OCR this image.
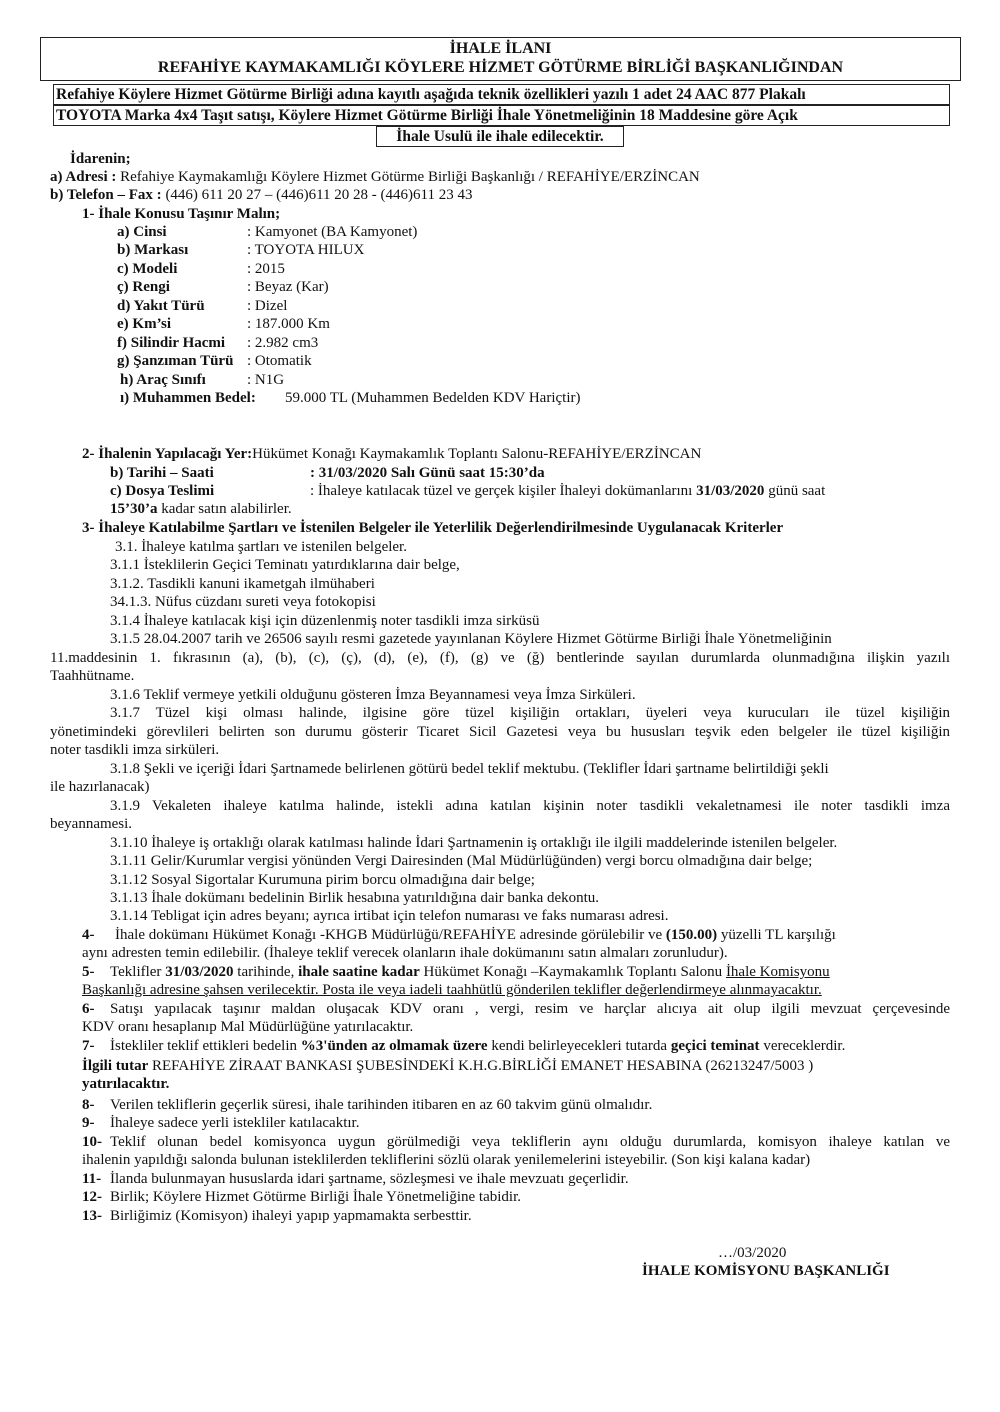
İHALE İLANI
REFAHİYE KAYMAKAMLIĞI KÖYLERE HİZMET GÖTÜRME BİRLİĞİ BAŞKANLIĞINDAN
Refahiye Köylere Hizmet Götürme Birliği adına kayıtlı aşağıda teknik özellikleri yazılı 1 adet 24 AAC 877 Plakalı
TOYOTA Marka 4x4 Taşıt satışı, Köylere Hizmet Götürme Birliği İhale Yönetmeliğinin 18 Maddesine göre Açık
İhale Usulü ile ihale edilecektir.
İdarenin;
a) Adresi : Refahiye Kaymakamlığı Köylere Hizmet Götürme Birliği Başkanlığı / REFAHİYE/ERZİNCAN
b) Telefon – Fax : (446) 611 20 27 – (446)611 20 28 - (446)611 23 43
1- İhale Konusu Taşınır Malın;
a) Cinsi	: Kamyonet (BA Kamyonet)
b) Markası	: TOYOTA HILUX
c) Modeli	: 2015
ç) Rengi	: Beyaz (Kar)
d) Yakıt Türü	: Dizel
e) Km’si	: 187.000 Km
f) Silindir Hacmi : 2.982 cm3
g) Şanzıman Türü : Otomatik
h) Araç Sınıfı	: N1G
ı) Muhammen Bedel: 59.000 TL (Muhammen Bedelden KDV Hariçtir)
2- İhalenin Yapılacağı Yer:Hükümet Konağı Kaymakamlık Toplantı Salonu-REFAHİYE/ERZİNCAN
b) Tarihi – Saati	: 31/03/2020 Salı Günü saat 15:30’da
c) Dosya Teslimi	: İhaleye katılacak tüzel ve gerçek kişiler İhaleyi dokümanlarını 31/03/2020 günü saat
15’30’a kadar satın alabilirler.
3- İhaleye Katılabilme Şartları ve İstenilen Belgeler ile Yeterlilik Değerlendirilmesinde Uygulanacak Kriterler
3.1. İhaleye katılma şartları ve istenilen belgeler.
3.1.1 İsteklilerin Geçici Teminatı yatırdıklarına dair belge,
3.1.2. Tasdikli kanuni ikametgah ilmühaberi
34.1.3. Nüfus cüzdanı sureti veya fotokopisi
3.1.4 İhaleye katılacak kişi için düzenlenmiş noter tasdikli imza sirküsü
3.1.5 28.04.2007 tarih ve 26506 sayılı resmi gazetede yayınlanan Köylere Hizmet Götürme Birliği İhale Yönetmeliğinin
11.maddesinin 1. fıkrasının (a), (b), (c), (ç), (d), (e), (f), (g) ve (ğ) bentlerinde sayılan durumlarda olunmadığına ilişkin yazılı
Taahhütname.
3.1.6 Teklif vermeye yetkili olduğunu gösteren İmza Beyannamesi veya İmza Sirküleri.
3.1.7 Tüzel kişi olması halinde, ilgisine göre tüzel kişiliğin ortakları, üyeleri veya kurucuları ile tüzel kişiliğin
yönetimindeki görevlileri belirten son durumu gösterir Ticaret Sicil Gazetesi veya bu hususları teşvik eden belgeler ile tüzel kişiliğin
noter tasdikli imza sirküleri.
3.1.8 Şekli ve içeriği İdari Şartnamede belirlenen götürü bedel teklif mektubu. (Teklifler İdari şartname belirtildiği şekli
ile hazırlanacak)
3.1.9 Vekaleten ihaleye katılma halinde, istekli adına katılan kişinin noter tasdikli vekaletnamesi ile noter tasdikli imza
beyannamesi.
3.1.10 İhaleye iş ortaklığı olarak katılması halinde İdari Şartnamenin iş ortaklığı ile ilgili maddelerinde istenilen belgeler.
3.1.11 Gelir/Kurumlar vergisi yönünden Vergi Dairesinden (Mal Müdürlüğünden) vergi borcu olmadığına dair belge;
3.1.12 Sosyal Sigortalar Kurumuna pirim borcu olmadığına dair belge;
3.1.13 İhale dokümanı bedelinin Birlik hesabına yatırıldığına dair banka dekontu.
3.1.14 Tebligat için adres beyanı; ayrıca irtibat için telefon numarası ve faks numarası adresi.
4- İhale dokümanı Hükümet Konağı -KHGB Müdürlüğü/REFAHİYE adresinde görülebilir ve (150.00) yüzelli TL karşılığı
aynı adresten temin edilebilir. (İhaleye teklif verecek olanların ihale dokümanını satın almaları zorunludur).
5- Teklifler 31/03/2020 tarihinde, ihale saatine kadar Hükümet Konağı –Kaymakamlık Toplantı Salonu İhale Komisyonu
Başkanlığı adresine şahsen verilecektir. Posta ile veya iadeli taahhütlü gönderilen teklifler değerlendirmeye alınmayacaktır.
6- Satışı yapılacak taşınır maldan oluşacak KDV oranı , vergi, resim ve harçlar alıcıya ait olup ilgili mevzuat çerçevesinde
KDV oranı hesaplanıp Mal Müdürlüğüne yatırılacaktır.
7- İstekliler teklif ettikleri bedelin %3'ünden az olmamak üzere kendi belirleyecekleri tutarda geçici teminat vereceklerdir.
İlgili tutar REFAHİYE ZİRAAT BANKASI ŞUBESİNDEKİ K.H.G.BİRLİĞİ EMANET HESABINA (26213247/5003 )
yatırılacaktır.
8- Verilen tekliflerin geçerlik süresi, ihale tarihinden itibaren en az 60 takvim günü olmalıdır.
9- İhaleye sadece yerli istekliler katılacaktır.
10- Teklif olunan bedel komisyonca uygun görülmediği veya tekliflerin aynı olduğu durumlarda, komisyon ihaleye katılan ve
ihalenin yapıldığı salonda bulunan isteklilerden tekliflerini sözlü olarak yenilemelerini isteyebilir. (Son kişi kalana kadar)
11- İlanda bulunmayan hususlarda idari şartname, sözleşmesi ve ihale mevzuatı geçerlidir.
12- Birlik; Köylere Hizmet Götürme Birliği İhale Yönetmeliğine tabidir.
13- Birliğimiz (Komisyon) ihaleyi yapıp yapmamakta serbesttir.
…/03/2020
İHALE KOMİSYONU BAŞKANLIĞI
